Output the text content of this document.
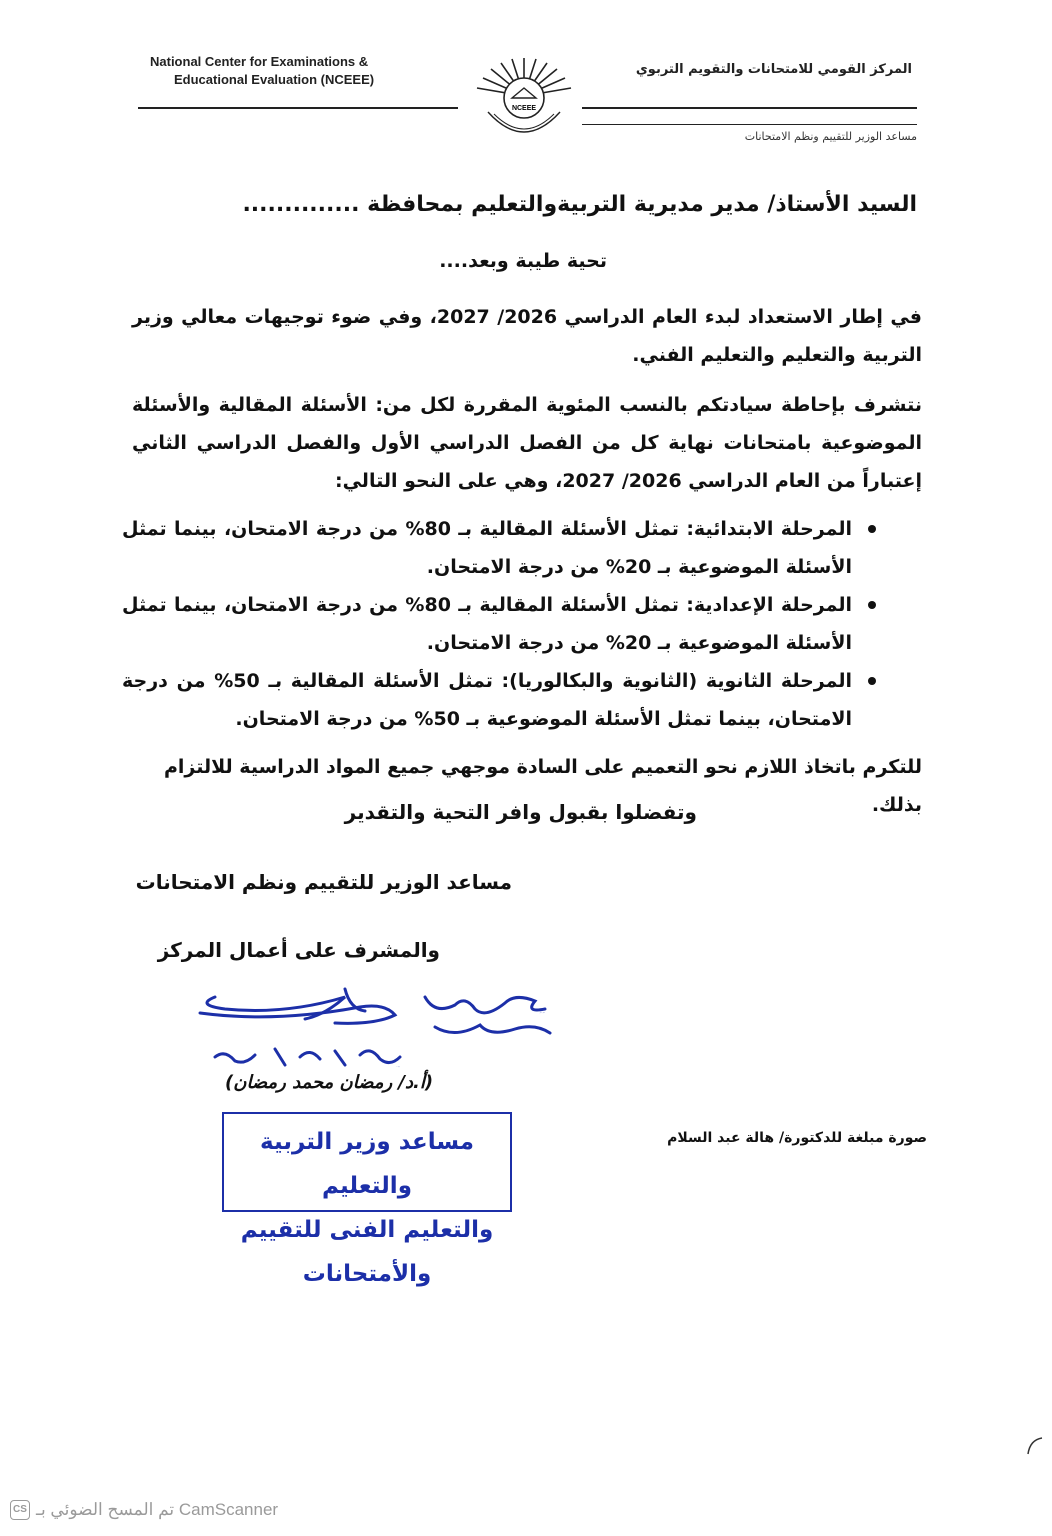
National Center for Examinations &
Educational Evaluation (NCEEE)
NCEEE
المركز القومي للامتحانات والتقويم التربوي
مساعد الوزير للتقييم ونظم الامتحانات
السيد الأستاذ/ مدير مديرية التربيةوالتعليم بمحافظة ..............
تحية طيبة وبعد....
في إطار الاستعداد لبدء العام الدراسي 2026/ 2027، وفي ضوء توجيهات معالي وزير التربية والتعليم والتعليم الفني.
نتشرف بإحاطة سيادتكم بالنسب المئوية المقررة لكل من: الأسئلة المقالية والأسئلة الموضوعية بامتحانات نهاية كل من الفصل الدراسي الأول والفصل الدراسي الثاني إعتباراً من العام الدراسي 2026/ 2027، وهي على النحو التالي:
المرحلة الابتدائية: تمثل الأسئلة المقالية بـ 80% من درجة الامتحان، بينما تمثل الأسئلة الموضوعية بـ 20% من درجة الامتحان.
المرحلة الإعدادية: تمثل الأسئلة المقالية بـ 80% من درجة الامتحان، بينما تمثل الأسئلة الموضوعية بـ 20% من درجة الامتحان.
المرحلة الثانوية (الثانوية والبكالوريا): تمثل الأسئلة المقالية بـ 50% من درجة الامتحان، بينما تمثل الأسئلة الموضوعية بـ 50% من درجة الامتحان.
للتكرم باتخاذ اللازم نحو التعميم على السادة موجهي جميع المواد الدراسية للالتزام بذلك.
وتفضلوا بقبول وافر التحية والتقدير
مساعد الوزير للتقييم ونظم الامتحانات
والمشرف على أعمال المركز
خالص تحياتي
٢٠٢٦/٩/٦
(أ.د/ رمضان محمد رمضان)
مساعد وزير التربية والتعليم
والتعليم الفنى للتقييم والأمتحانات
صورة مبلغة للدكتورة/ هالة عبد السلام
CS تم المسح الضوئي بـ CamScanner
